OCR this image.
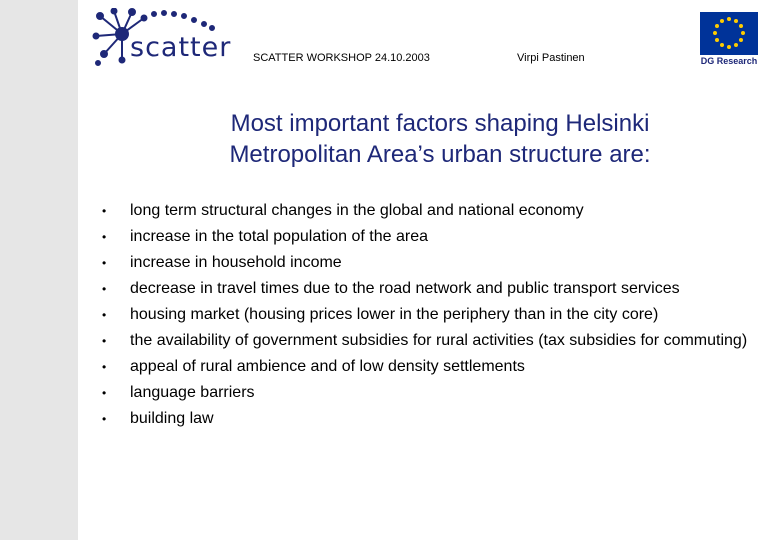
scatter SCATTER WORKSHOP 24.10.2003	Virpi Pastinen	DG Research
Most important factors shaping Helsinki
Metropolitan Area’s urban structure are:
• long term structural changes in the global and national economy
• increase in the total population of the area
• increase in household income
• decrease in travel times due to the road network and public transport services
• housing market (housing prices lower in the periphery than in the city core)
• the availability of government subsidies for rural activities (tax subsidies for commuting)
• appeal of rural ambience and of low density settlements
• language barriers
• building law
